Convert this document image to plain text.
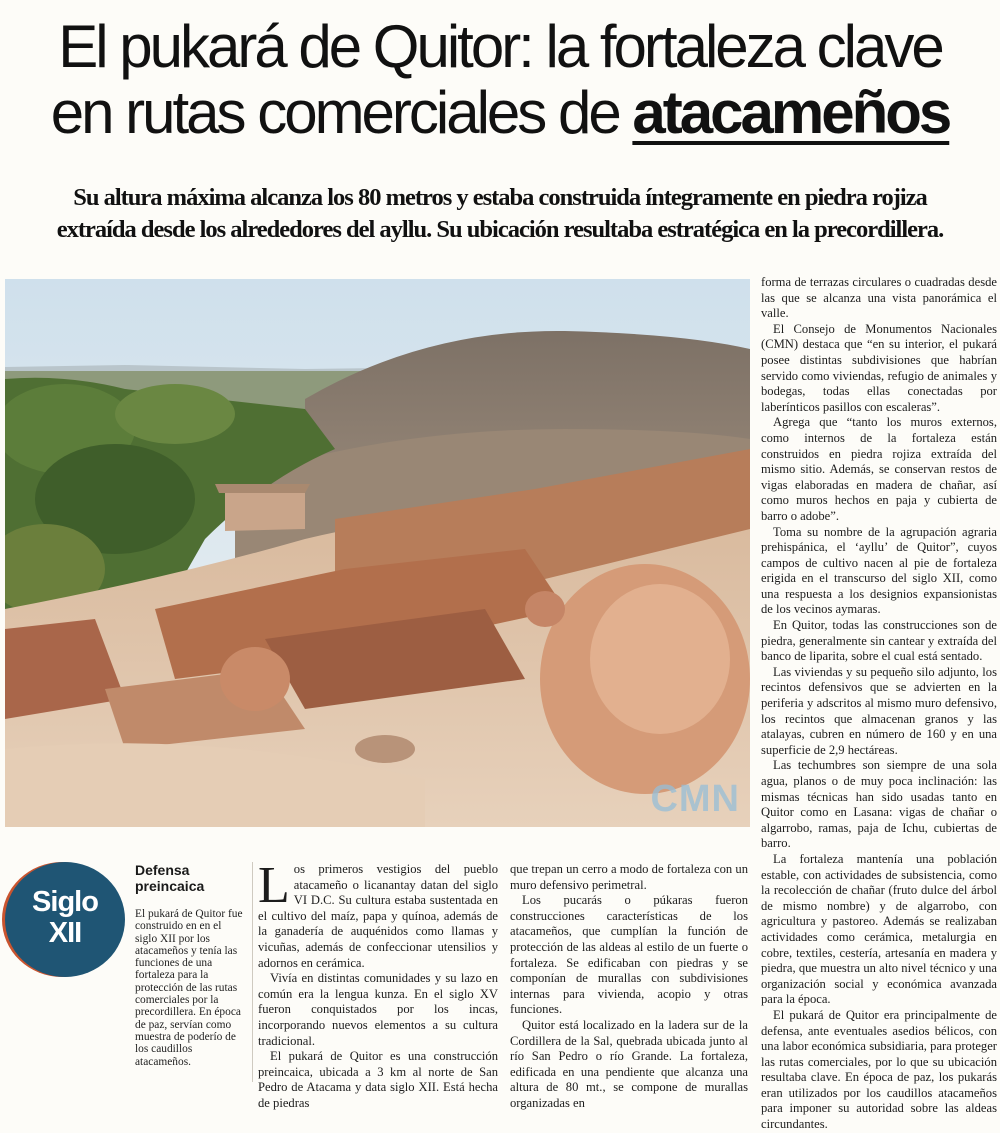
El pukará de Quitor: la fortaleza clave
en rutas comerciales de atacameños
Su altura máxima alcanza los 80 metros y estaba construida íntegramente en piedra rojiza
extraída desde los alrededores del ayllu. Su ubicación resultaba estratégica en la precordillera.
CMN
Siglo
XII
Defensa preincaica
El pukará de Quitor fue construido en en el siglo XII por los atacameños y tenía las funciones de una fortaleza para la protección de las rutas comerciales por la precordillera. En época de paz, servían como muestra de poderío de los caudillos atacameños.

Los primeros vestigios del pueblo atacameño o licanantay datan del siglo VI D.C. Su cultura estaba sustentada en el cultivo del maíz, papa y quínoa, además de la ganadería de auquénidos como llamas y vicuñas, además de confeccionar utensilios y adornos en cerámica.

Vivía en distintas comunidades y su lazo en común era la lengua kunza. En el siglo XV fueron conquistados por los incas, incorporando nuevos elementos a su cultura tradicional.

El pukará de Quitor es una construcción preincaica, ubicada a 3 km al norte de San Pedro de Atacama y data siglo XII. Está hecha de piedras

que trepan un cerro a modo de fortaleza con un muro defensivo perimetral.

Los pucarás o púkaras fueron construcciones características de los atacameños, que cumplían la función de protección de las aldeas al estilo de un fuerte o fortaleza. Se edificaban con piedras y se componían de murallas con subdivisiones internas para vivienda, acopio y otras funciones.

Quitor está localizado en la ladera sur de la Cordillera de la Sal, quebrada ubicada junto al río San Pedro o río Grande. La fortaleza, edificada en una pendiente que alcanza una altura de 80 mt., se compone de murallas organizadas en

forma de terrazas circulares o cuadradas desde las que se alcanza una vista panorámica el valle.

El Consejo de Monumentos Nacionales (CMN) destaca que “en su interior, el pukará posee distintas subdivisiones que habrían servido como viviendas, refugio de animales y bodegas, todas ellas conectadas por laberínticos pasillos con escaleras”.

Agrega que “tanto los muros externos, como internos de la fortaleza están construidos en piedra rojiza extraída del mismo sitio. Además, se conservan restos de vigas elaboradas en madera de chañar, así como muros hechos en paja y cubierta de barro o adobe”.

Toma su nombre de la agrupación agraria prehispánica, el ‘ayllu’ de Quitor”, cuyos campos de cultivo nacen al pie de fortaleza erigida en el transcurso del siglo XII, como una respuesta a los designios expansionistas de los vecinos aymaras.

En Quitor, todas las construcciones son de piedra, generalmente sin cantear y extraída del banco de liparita, sobre el cual está sentado.

Las viviendas y su pequeño silo adjunto, los recintos defensivos que se advierten en la periferia y adscritos al mismo muro defensivo, los recintos que almacenan granos y las atalayas, cubren en número de 160 y en una superficie de 2,9 hectáreas.

Las techumbres son siempre de una sola agua, planos o de muy poca inclinación: las mismas técnicas han sido usadas tanto en Quitor como en Lasana: vigas de chañar o algarrobo, ramas, paja de Ichu, cubiertas de barro.

La fortaleza mantenía una población estable, con actividades de subsistencia, como la recolección de chañar (fruto dulce del árbol de mismo nombre) y de algarrobo, con agricultura y pastoreo. Además se realizaban actividades como cerámica, metalurgia en cobre, textiles, cestería, artesanía en madera y piedra, que muestra un alto nivel técnico y una organización social y económica avanzada para la época.

El pukará de Quitor era principalmente de defensa, ante eventuales asedios bélicos, con una labor económica subsidiaria, para proteger las rutas comerciales, por lo que su ubicación resultaba clave. En época de paz, los pukarás eran utilizados por los caudillos atacameños para imponer su autoridad sobre las aldeas circundantes.
